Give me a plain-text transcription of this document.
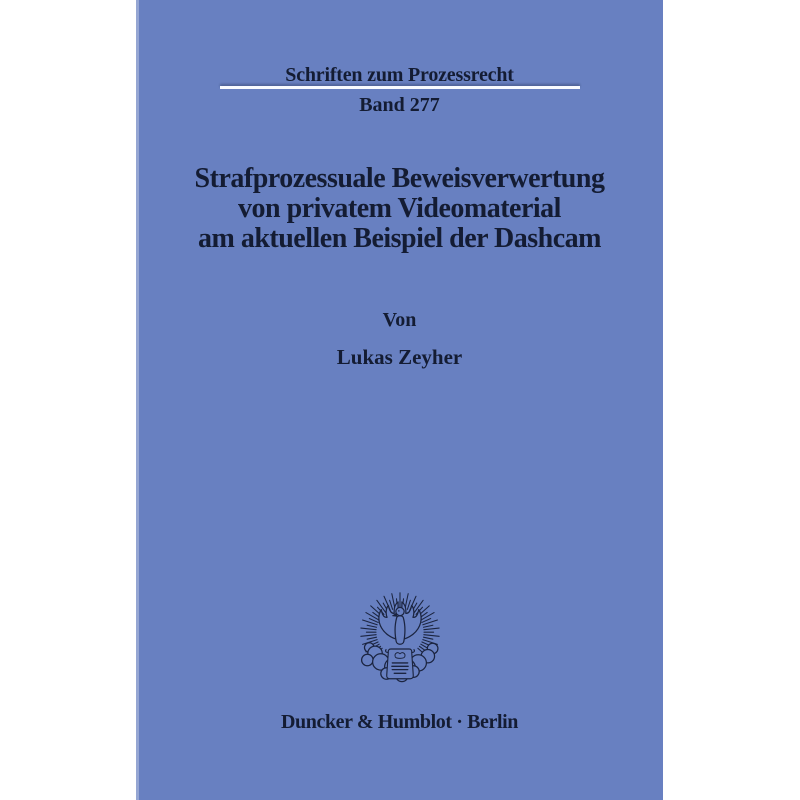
Schriften zum Prozessrecht
Band 277
Strafprozessuale Beweisverwertung
von privatem Videomaterial
am aktuellen Beispiel der Dashcam
Von
Lukas Zeyher
Duncker & Humblot · Berlin
